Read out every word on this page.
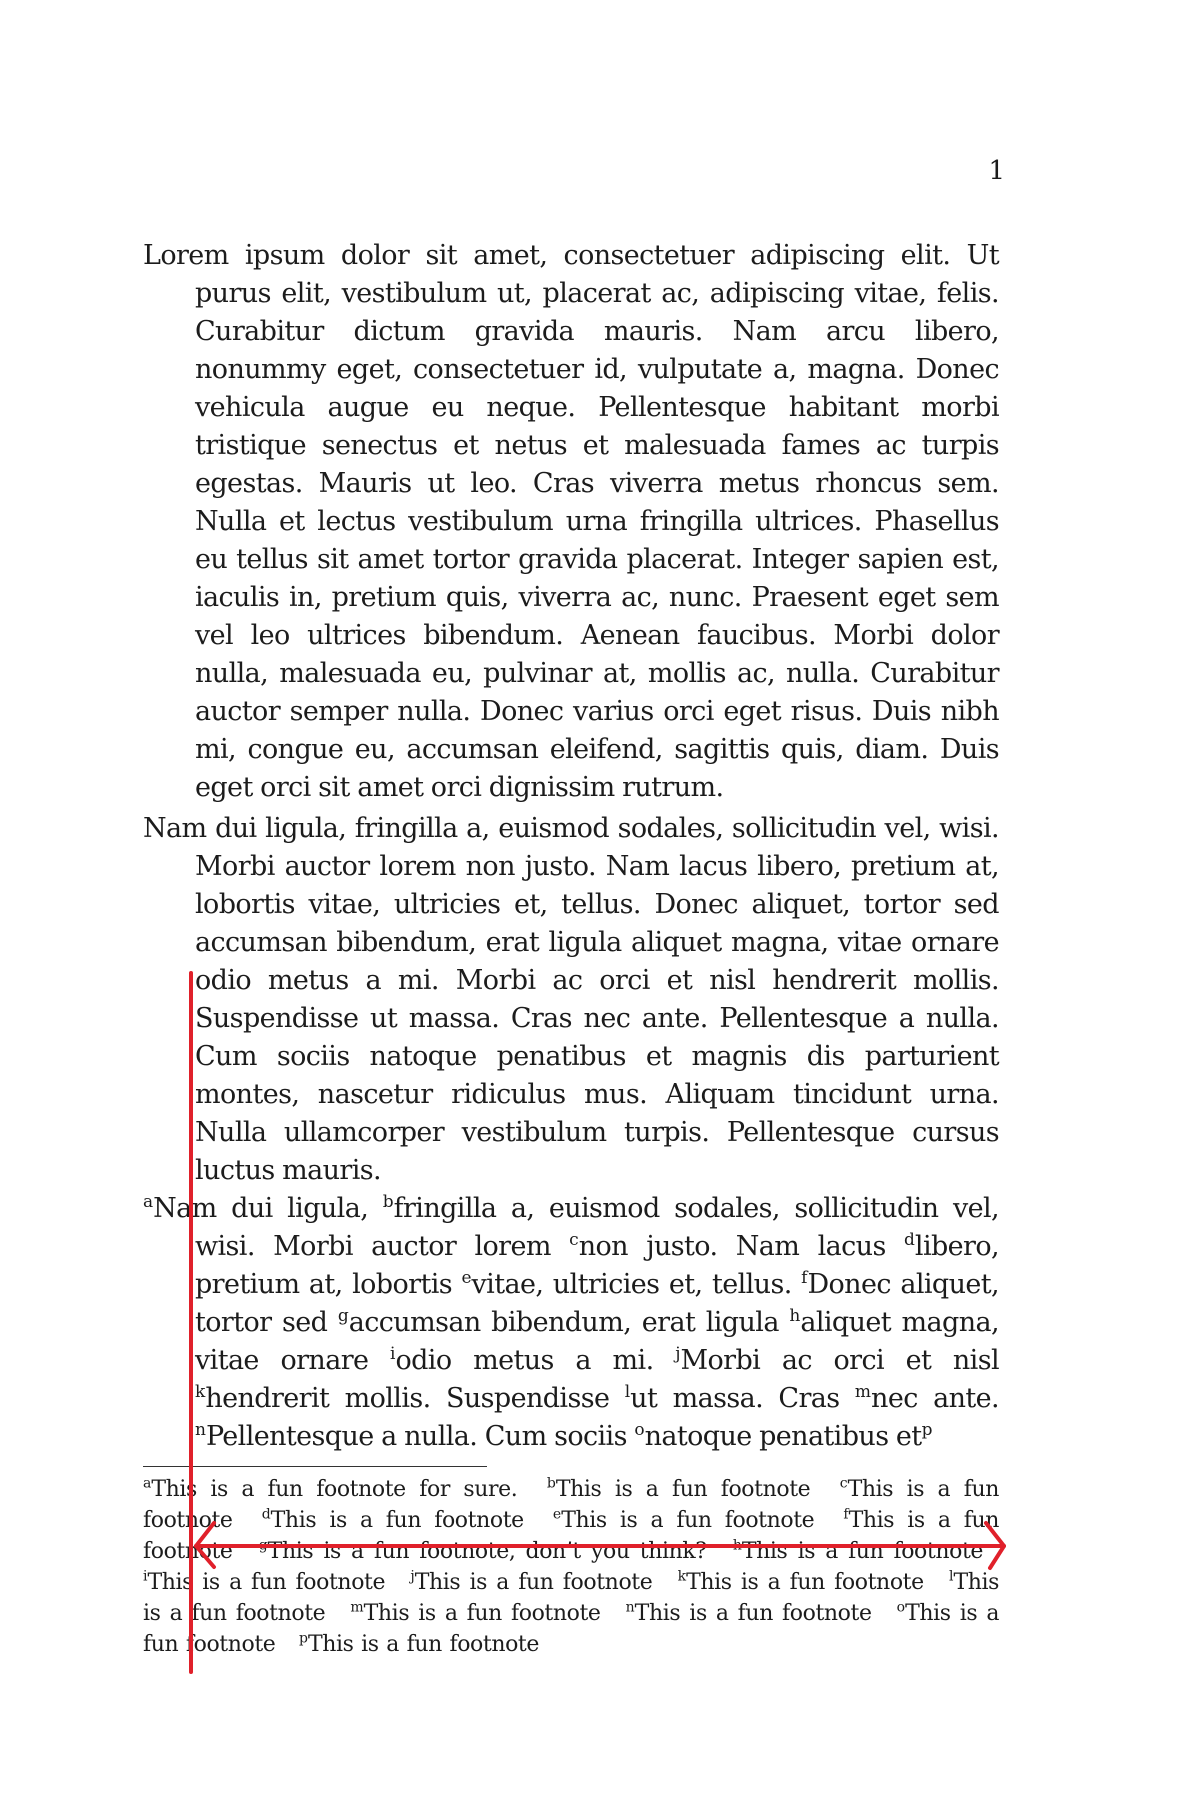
1

Lorem ipsum dolor sit amet, consectetuer adipiscing elit. Ut purus elit, vestibulum ut, placerat ac, adipiscing vitae, felis. Curabitur dictum gravida mauris. Nam arcu libero, nonummy eget, consectetuer id, vulputate a, magna. Donec vehicula augue eu neque. Pellentesque habitant morbi tristique senectus et netus et malesuada fames ac turpis egestas. Mauris ut leo. Cras viverra metus rhoncus sem. Nulla et lectus vestibulum urna fringilla ultrices. Phasellus eu tellus sit amet tortor gravida placerat. Integer sapien est, iaculis in, pretium quis, viverra ac, nunc. Praesent eget sem vel leo ultrices bibendum. Aenean faucibus. Morbi dolor nulla, malesuada eu, pulvinar at, mollis ac, nulla. Curabitur auctor semper nulla. Donec varius orci eget risus. Duis nibh mi, congue eu, accumsan eleifend, sagittis quis, diam. Duis eget orci sit amet orci dignissim rutrum.

Nam dui ligula, fringilla a, euismod sodales, sollicitudin vel, wisi. Morbi auctor lorem non justo. Nam lacus libero, pretium at, lobortis vitae, ultricies et, tellus. Donec aliquet, tortor sed accumsan bibendum, erat ligula aliquet magna, vitae ornare odio metus a mi. Morbi ac orci et nisl hendrerit mollis. Suspendisse ut massa. Cras nec ante. Pellentesque a nulla. Cum sociis natoque penatibus et magnis dis parturient montes, nascetur ridiculus mus. Aliquam tincidunt urna. Nulla ullamcorper vestibulum turpis. Pellentesque cursus luctus mauris.

$^a$Nam dui ligula, $^b$fringilla a, euismod sodales, sollicitudin vel, wisi. Morbi auctor lorem $^c$non justo. Nam lacus $^d$libero, pretium at, lobortis $^e$vitae, ultricies et, tellus. $^f$Donec aliquet, tortor sed $^g$accumsan bibendum, erat ligula $^h$aliquet magna, vitae ornare $^i$odio metus a mi. $^j$Morbi ac orci et nisl $^k$hendrerit mollis. Suspendisse $^l$ut massa. Cras $^m$nec ante. $^n$Pellentesque a nulla. Cum sociis $^o$natoque penatibus et$^p$

$^a$This is a fun footnote for sure. $^b$This is a fun footnote $^c$This is a fun footnote $^d$This is a fun footnote $^e$This is a fun footnote $^f$This is a fun footnote $^g$This is a fun footnote, don’t you think? $^h$This is a fun footnote $^i$This is a fun footnote $^j$This is a fun footnote $^k$This is a fun footnote $^l$This is a fun footnote $^m$This is a fun footnote $^n$This is a fun footnote $^o$This is a fun footnote $^p$This is a fun footnote
